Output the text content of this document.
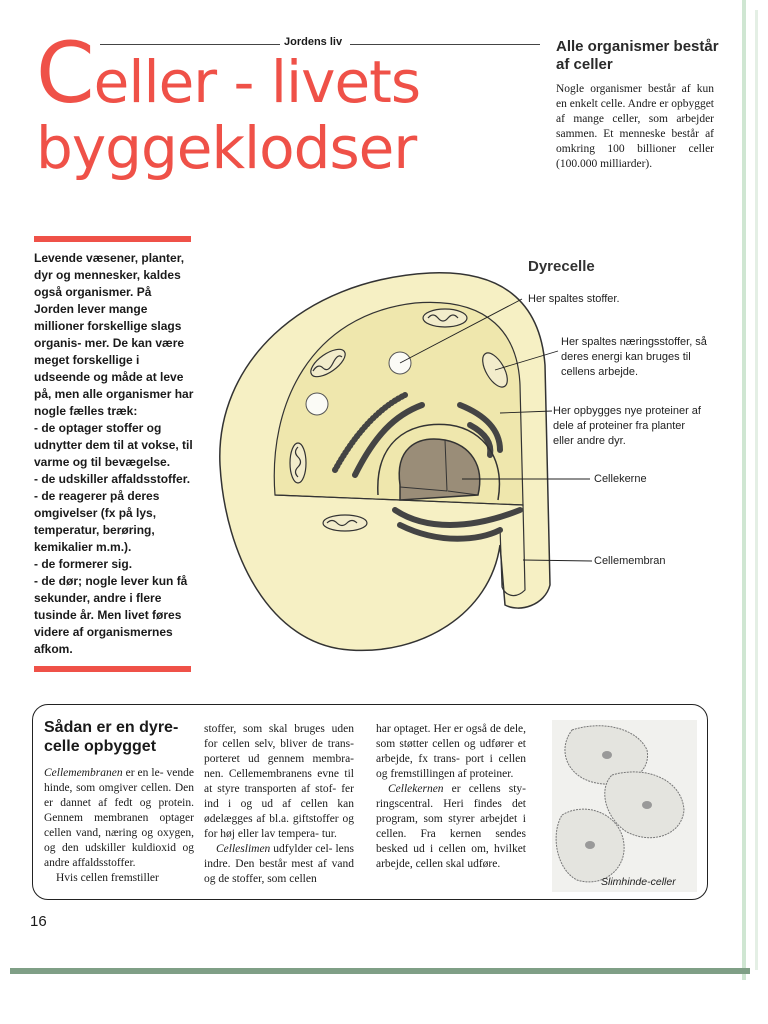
Jordens liv
Celler - livets
byggeklodser
Alle organismer består af celler
Nogle organismer består af kun en enkelt celle. Andre er opbygget af mange celler, som arbejder sammen. Et menneske består af omkring 100 billioner celler (100.000 milliarder).
Levende væsener, planter, dyr og mennesker, kaldes også organismer. På Jorden lever mange millioner forskellige slags organis- mer. De kan være meget forskellige i udseende og måde at leve på, men alle organismer har nogle fælles træk:
- de optager stoffer og udnytter dem til at vokse, til varme og til bevægelse.
- de udskiller affaldsstoffer.
- de reagerer på deres omgivelser (fx på lys, temperatur, berøring, kemikalier m.m.).
- de formerer sig.
- de dør; nogle lever kun få sekunder, andre i flere tusinde år. Men livet føres videre af organismernes afkom.
Dyrecelle
Her spaltes stoffer.
Her spaltes næringsstoffer, så deres energi kan bruges til cellens arbejde.
Her opbygges nye proteiner af dele af proteiner fra planter eller andre dyr.
Cellekerne
Cellemembran
Sådan er en dyre- celle opbygget

Cellemembranen er en le- vende hinde, som omgiver cellen. Den er dannet af fedt og protein. Gennem membranen optager cellen vand, næring og oxygen, og den udskiller kuldioxid og andre affaldsstoffer.

Hvis cellen fremstiller

stoffer, som skal bruges uden for cellen selv, bliver de trans- porteret ud gennem membra- nen. Cellemembranens evne til at styre transporten af stof- fer ind i og ud af cellen kan ødelægges af bl.a. giftstoffer og for høj eller lav tempera- tur.

Celleslimen udfylder cel- lens indre. Den består mest af vand og de stoffer, som cellen

har optaget. Her er også de dele, som støtter cellen og udfører et arbejde, fx trans- port i cellen og fremstillingen af proteiner.

Cellekernen er cellens sty- ringscentral. Heri findes det program, som styrer arbejdet i cellen. Fra kernen sendes besked ud i cellen om, hvilket arbejde, cellen skal udføre.

Slimhinde-celler
16
